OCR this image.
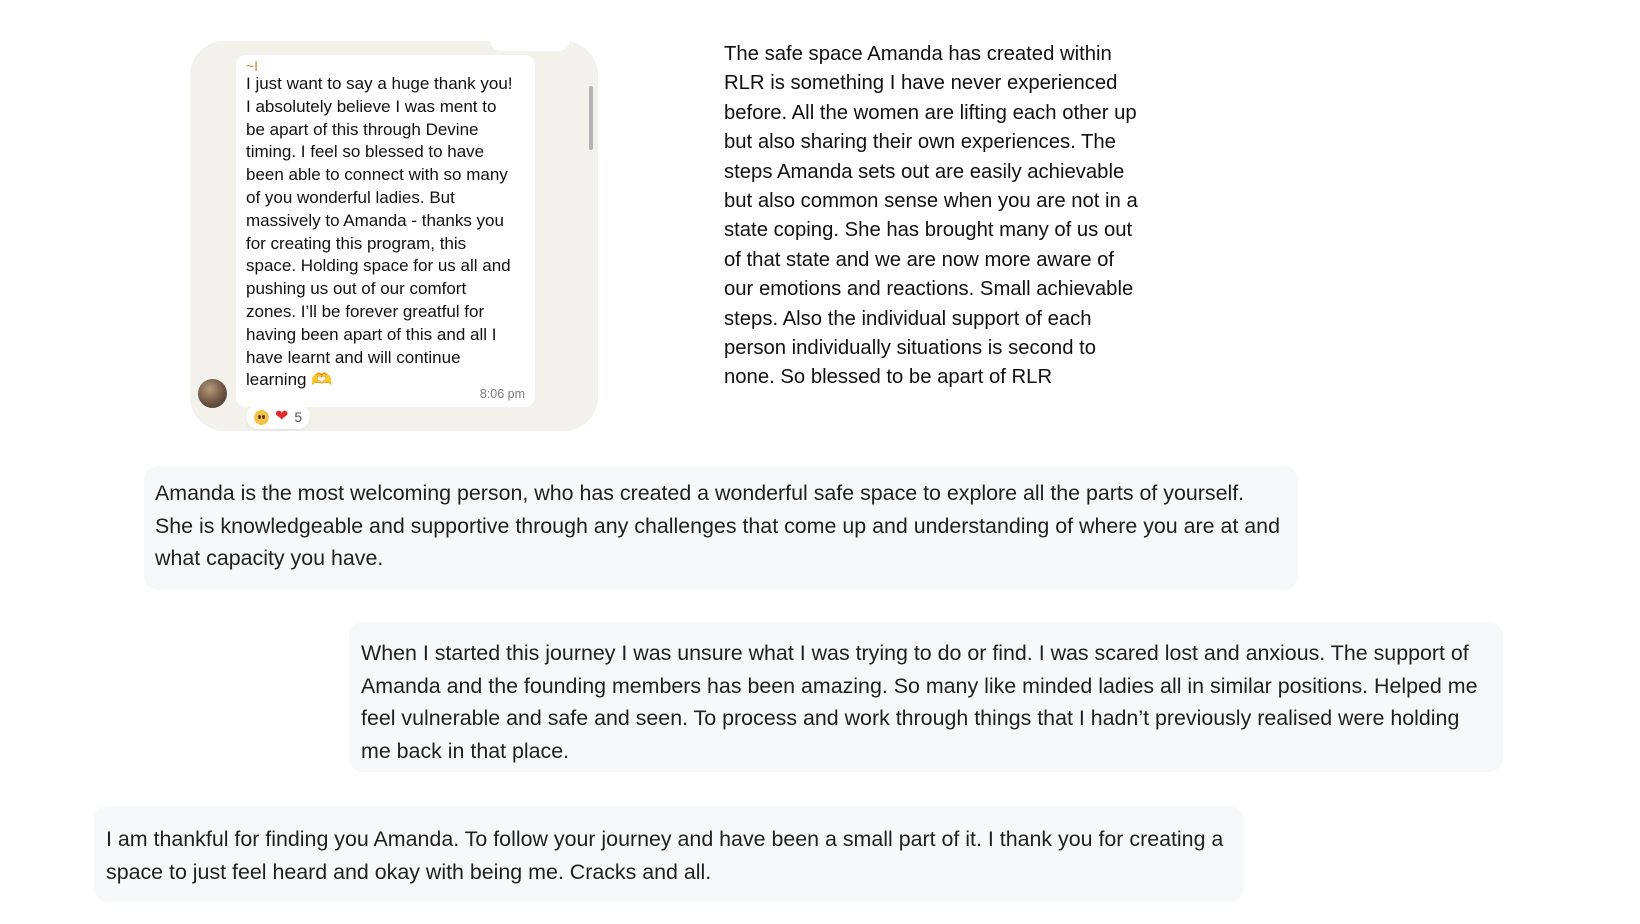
~I

I just want to say a huge thank you!
I absolutely believe I was ment to
be apart of this through Devine
timing. I feel so blessed to have
been able to connect with so many
of you wonderful ladies. But
massively to Amanda - thanks you
for creating this program, this
space. Holding space for us all and
pushing us out of our comfort
zones. I’ll be forever greatful for
having been apart of this and all I
have learnt and will continue
learning 🫶

8:06 pm
❤ 5

The safe space Amanda has created within RLR is something I have never experienced before. All the women are lifting each other up but also sharing their own experiences. The steps Amanda sets out are easily achievable but also common sense when you are not in a state coping. She has brought many of us out of that state and we are now more aware of our emotions and reactions. Small achievable steps. Also the individual support of each person individually situations is second to none. So blessed to be apart of RLR

Amanda is the most welcoming person, who has created a wonderful safe space to explore all the parts of yourself. She is knowledgeable and supportive through any challenges that come up and understanding of where you are at and what capacity you have.

When I started this journey I was unsure what I was trying to do or find. I was scared lost and anxious. The support of Amanda and the founding members has been amazing. So many like minded ladies all in similar positions. Helped me feel vulnerable and safe and seen. To process and work through things that I hadn’t previously realised were holding me back in that place.

I am thankful for finding you Amanda. To follow your journey and have been a small part of it. I thank you for creating a space to just feel heard and okay with being me. Cracks and all.
